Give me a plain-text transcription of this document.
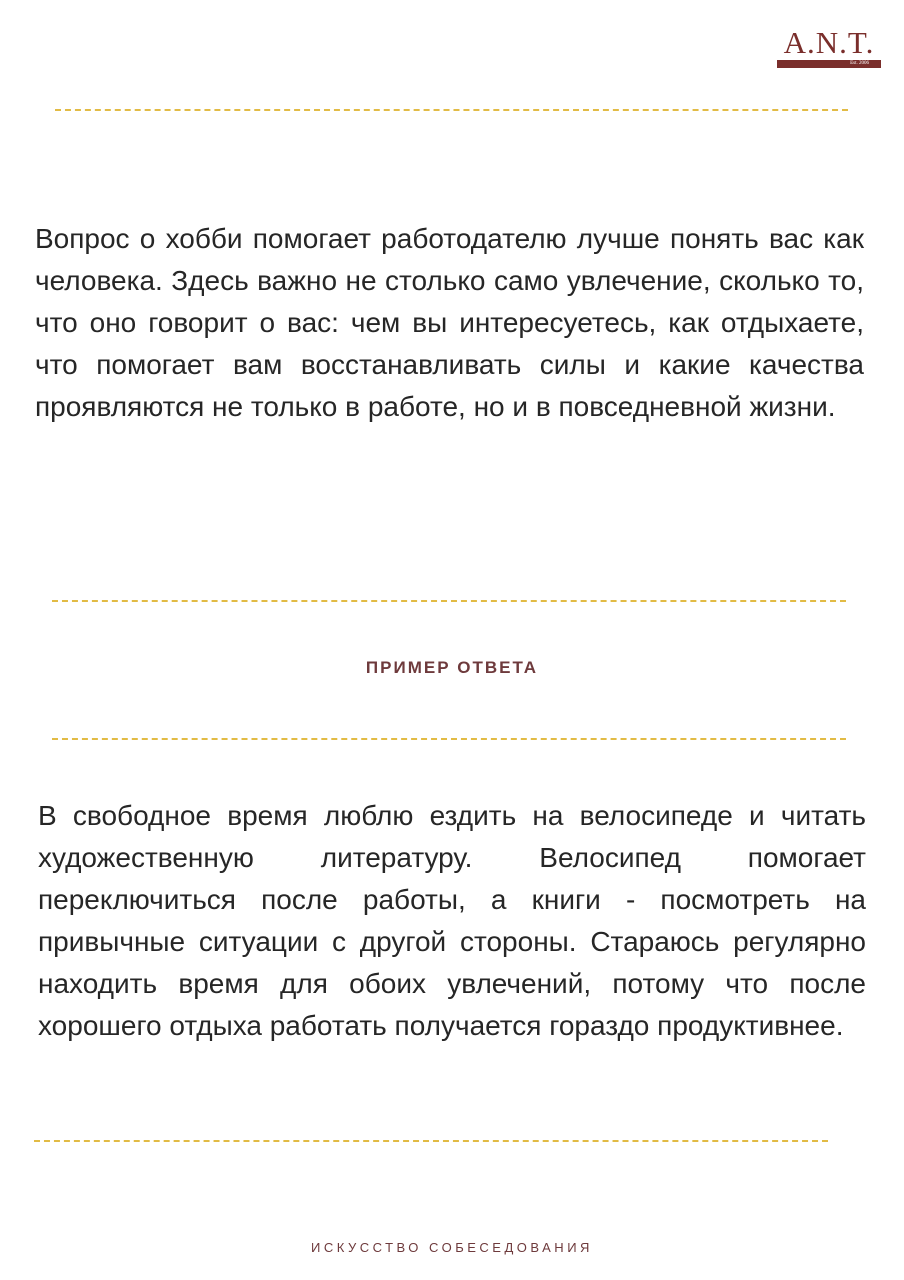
A.N.T.
Est. 2006

Вопрос о хобби помогает работодателю лучше понять вас как человека. Здесь важно не столько само увлечение, сколько то, что оно говорит о вас: чем вы интересуетесь, как отдыхаете, что помогает вам восстанавливать силы и какие качества проявляются не только в работе, но и в повседневной жизни.

ПРИМЕР ОТВЕТА

В свободное время люблю ездить на велосипеде и читать художественную литературу. Велосипед помогает переключиться после работы, а книги - посмотреть на привычные ситуации с другой стороны. Стараюсь регулярно находить время для обоих увлечений, потому что после хорошего отдыха работать получается гораздо продуктивнее.

ИСКУССТВО СОБЕСЕДОВАНИЯ
